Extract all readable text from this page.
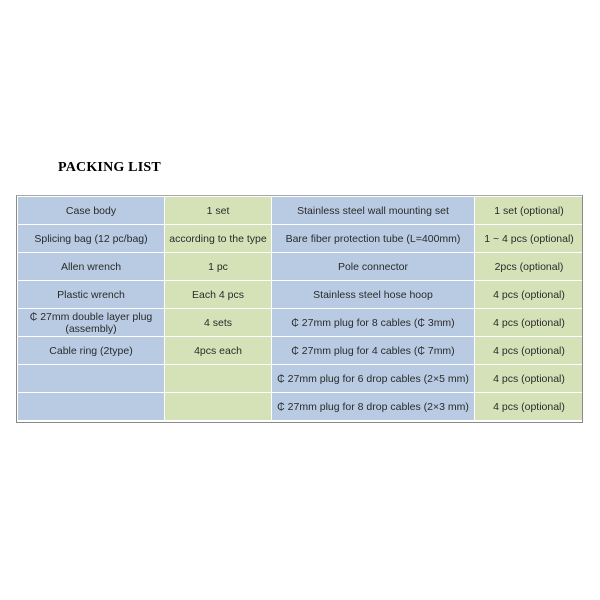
PACKING LIST
Case body	1 set	Stainless steel wall mounting set	1 set (optional)
Splicing bag (12 pc/bag)	according to the type	Bare fiber protection tube (L=400mm)	1 ~ 4 pcs (optional)
Allen wrench	1 pc	Pole connector	2pcs (optional)
Plastic wrench	Each 4 pcs	Stainless steel hose hoop	4 pcs (optional)
₵ 27mm double layer plug (assembly)	4 sets	₵ 27mm plug for 8 cables (₵ 3mm)	4 pcs (optional)
Cable ring (2type)	4pcs each	₵ 27mm plug for 4 cables (₵ 7mm)	4 pcs (optional)
		₵ 27mm plug for 6 drop cables (2×5 mm)	4 pcs (optional)
		₵ 27mm plug for 8 drop cables (2×3 mm)	4 pcs (optional)
